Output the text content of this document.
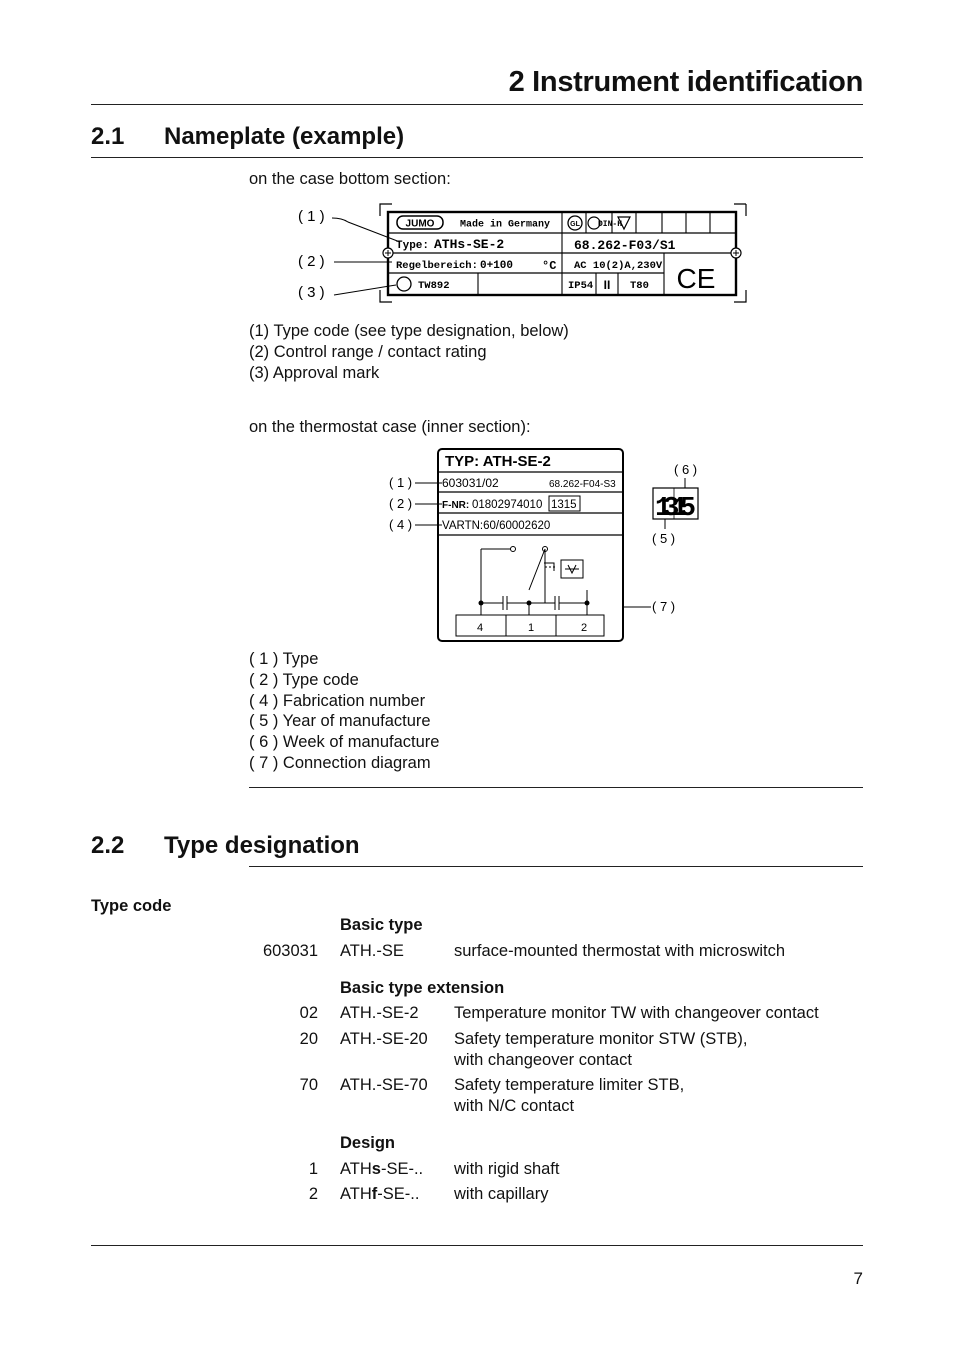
2 Instrument identification
2.1 Nameplate (example)
on the case bottom section:
JUMO	Made in Germany	GL DIN-H
Type: ATHs-SE-2	68.262-F03/S1
Regelbereich: 0+100 °C AC 10(2)A,230V
TW892	IP54 II T80 CE
( 1 )
( 2 )
( 3 )
(1) Type code (see type designation, below)
(2) Control range / contact rating
(3) Approval mark
on the thermostat case (inner section):
TYP: ATH-SE-2
603031/02	68.262-F04-S3
F-NR: 01802974010 1315
VARTN:60/60002620
1315
4	1	2
( 1 )
( 2 )
( 4 )
( 6 )
( 5 )
( 7 )
( 1 ) Type
( 2 ) Type code
( 4 ) Fabrication number
( 5 ) Year of manufacture
( 6 ) Week of manufacture
( 7 ) Connection diagram
2.2 Type designation
Type code
Basic type
603031 ATH.-SE	surface-mounted thermostat with microswitch
Basic type extension
02 ATH.-SE-2 Temperature monitor TW with changeover contact
20 ATH.-SE-20 Safety temperature monitor STW (STB),
with changeover contact
70 ATH.-SE-70 Safety temperature limiter STB,
with N/C contact
Design
1 ATHs-SE-.. with rigid shaft
2 ATHf-SE-.. with capillary
7
